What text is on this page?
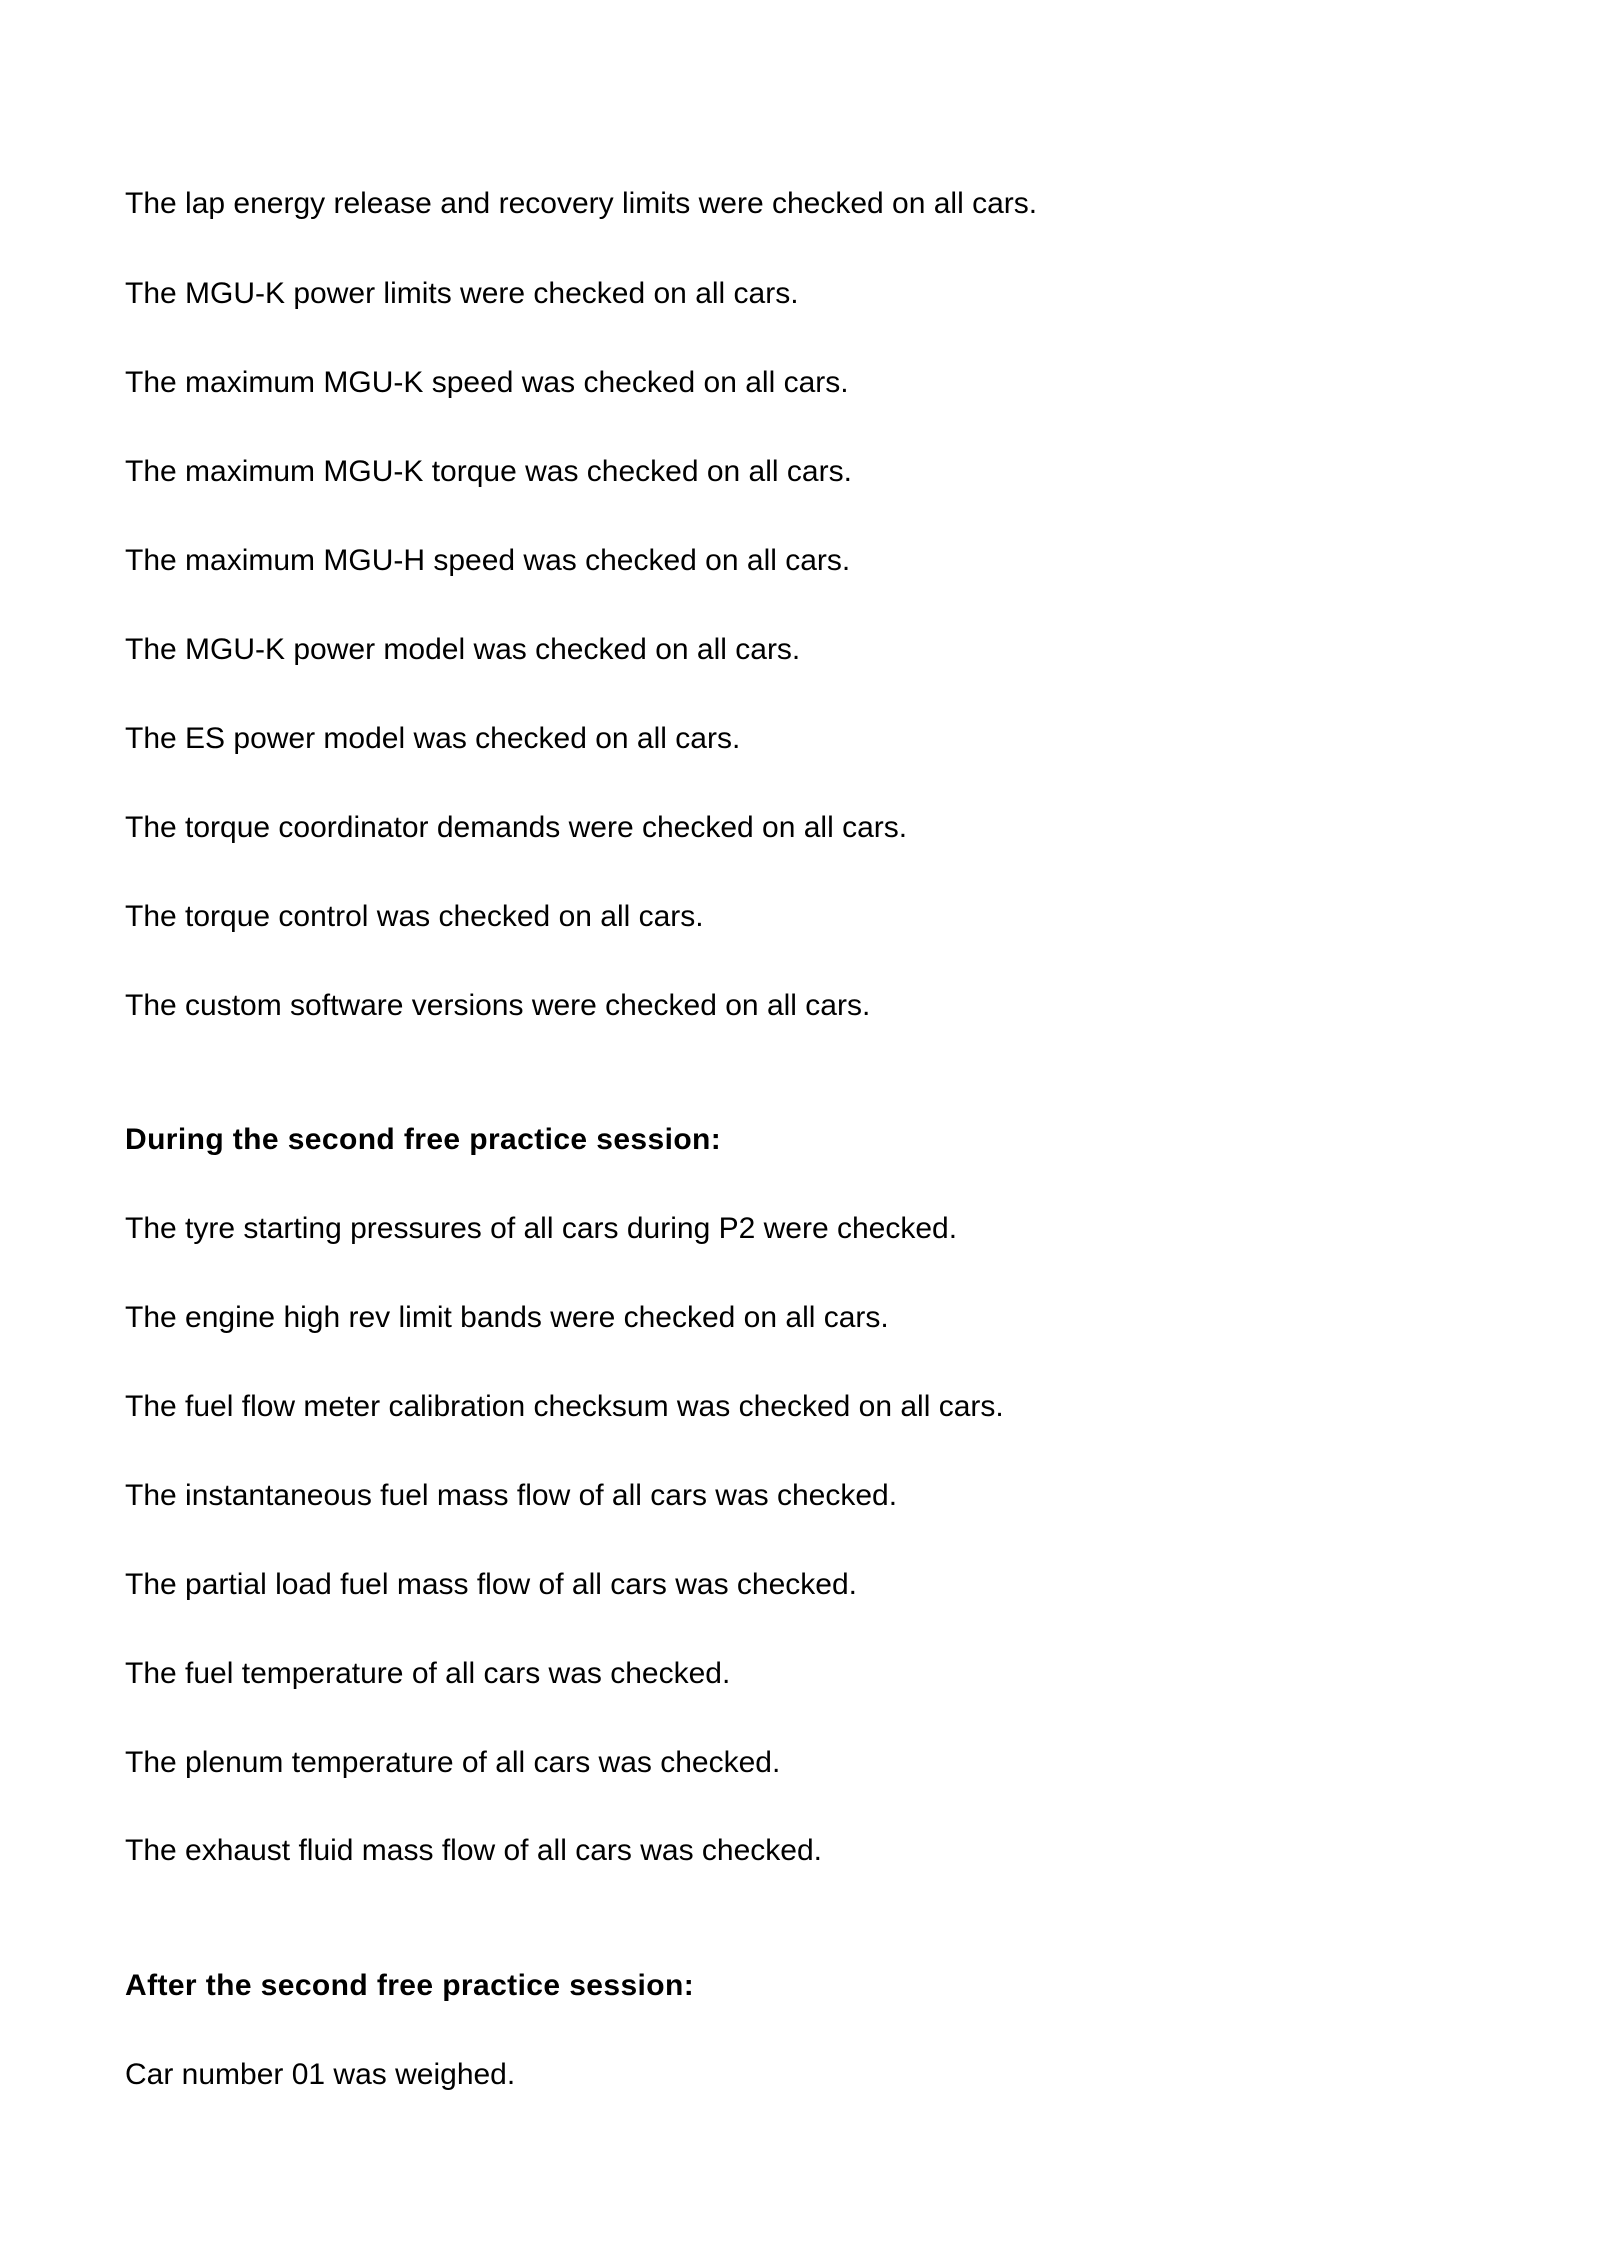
The lap energy release and recovery limits were checked on all cars.
The MGU-K power limits were checked on all cars.
The maximum MGU-K speed was checked on all cars.
The maximum MGU-K torque was checked on all cars.
The maximum MGU-H speed was checked on all cars.
The MGU-K power model was checked on all cars.
The ES power model was checked on all cars.
The torque coordinator demands were checked on all cars.
The torque control was checked on all cars.
The custom software versions were checked on all cars.
During the second free practice session:
The tyre starting pressures of all cars during P2 were checked.
The engine high rev limit bands were checked on all cars.
The fuel flow meter calibration checksum was checked on all cars.
The instantaneous fuel mass flow of all cars was checked.
The partial load fuel mass flow of all cars was checked.
The fuel temperature of all cars was checked.
The plenum temperature of all cars was checked.
The exhaust fluid mass flow of all cars was checked.
After the second free practice session:
Car number 01 was weighed.
